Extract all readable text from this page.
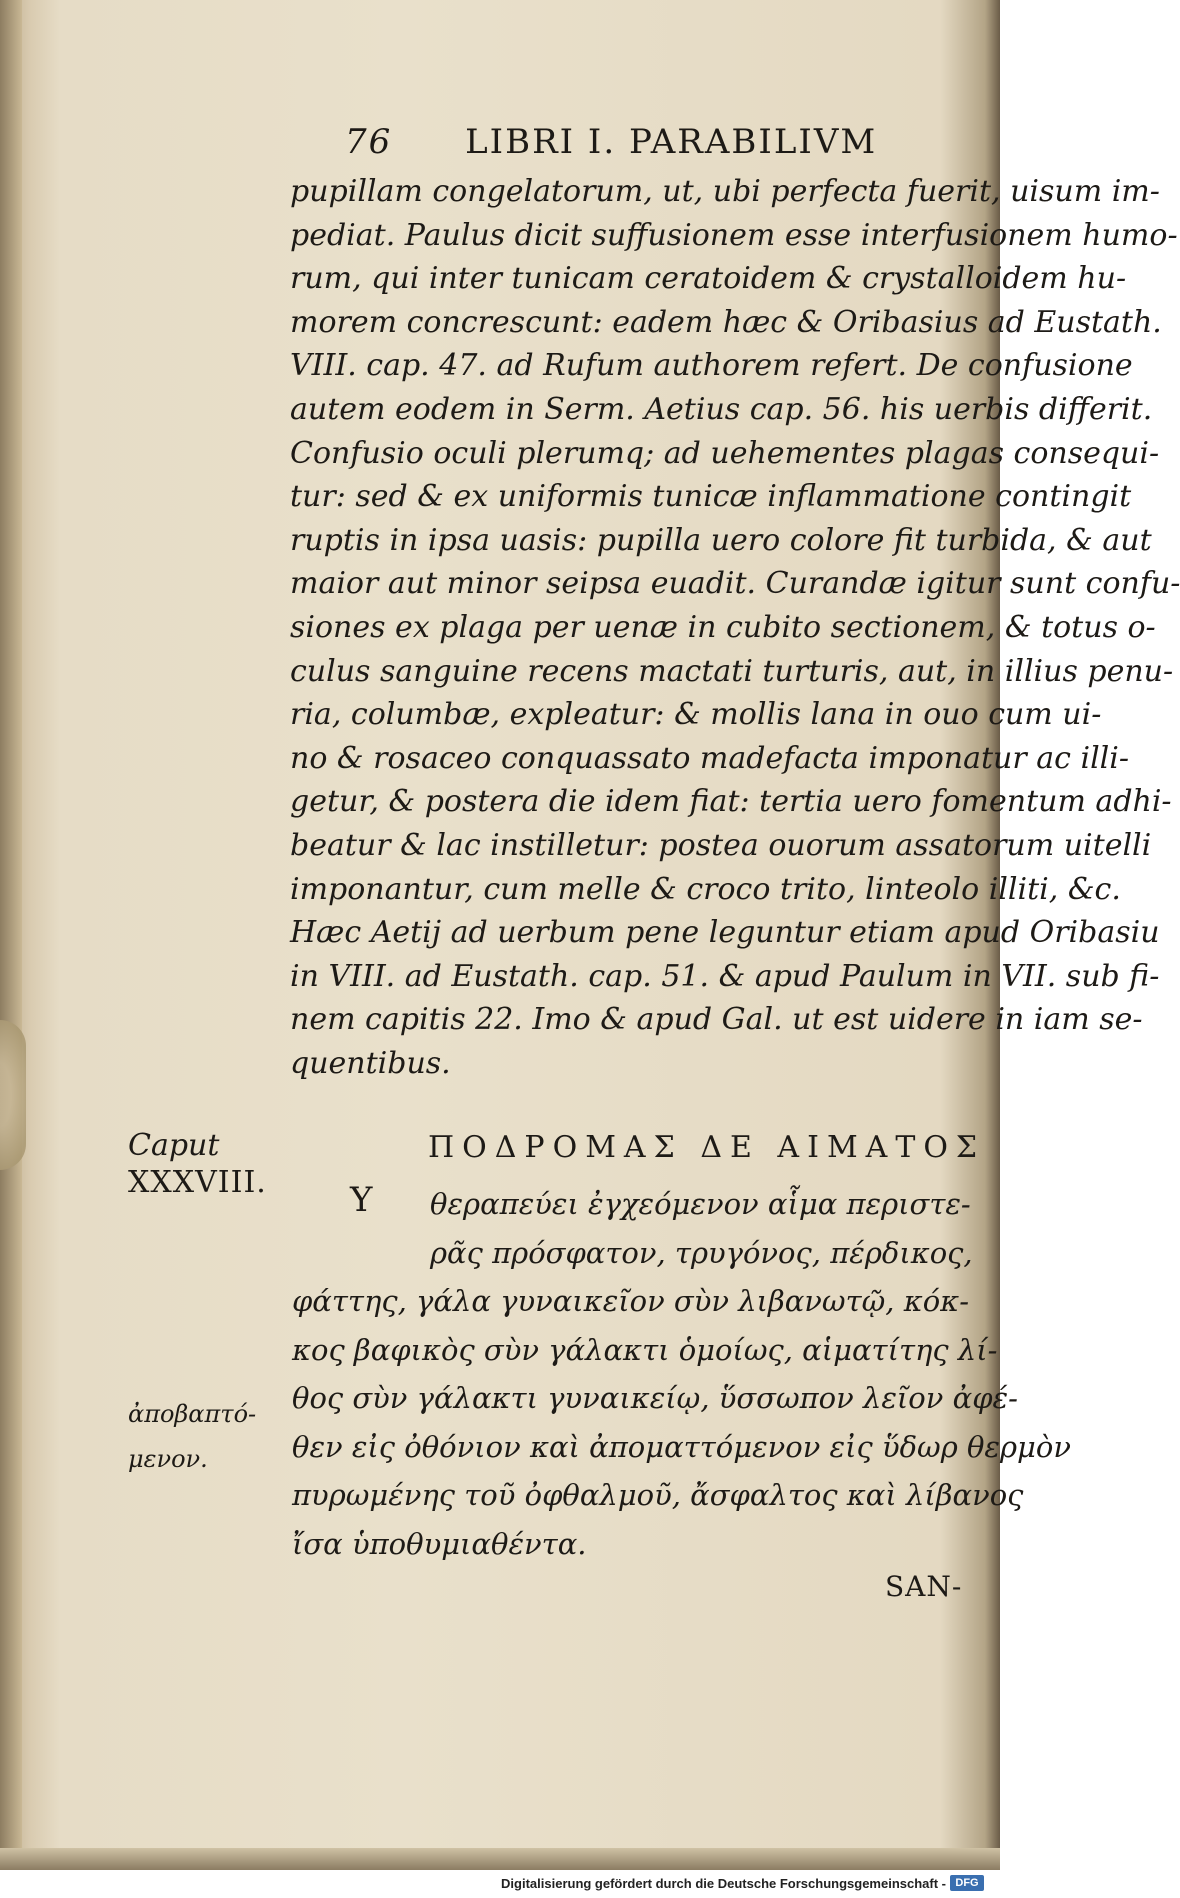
76 LIBRI I. PARABILIVM
pupillam congelatorum, ut, ubi perfecta fuerit, uisum im-
pediat. Paulus dicit suffusionem esse interfusionem humo-
rum, qui inter tunicam ceratoidem & crystalloidem hu-
morem concrescunt: eadem hæc & Oribasius ad Eustath.
VIII. cap. 47. ad Rufum authorem refert. De confusione
autem eodem in Serm. Aetius cap. 56. his uerbis differit.
Confusio oculi plerumq; ad uehementes plagas consequi-
tur: sed & ex uniformis tunicæ inflammatione contingit
ruptis in ipsa uasis: pupilla uero colore fit turbida, & aut
maior aut minor seipsa euadit. Curandæ igitur sunt confu-
siones ex plaga per uenæ in cubito sectionem, & totus o-
culus sanguine recens mactati turturis, aut, in illius penu-
ria, columbæ, expleatur: & mollis lana in ouo cum ui-
no & rosaceo conquassato madefacta imponatur ac illi-
getur, & postera die idem fiat: tertia uero fomentum adhi-
beatur & lac instilletur: postea ouorum assatorum uitelli
imponantur, cum melle & croco trito, linteolo illiti, &c.
Hæc Aetij ad uerbum pene leguntur etiam apud Oribasiu
in VIII. ad Eustath. cap. 51. & apud Paulum in VII. sub fi-
nem capitis 22. Imo & apud Gal. ut est uidere in iam se-
quentibus.
Caput
XXXVIII.
ΠΟΔΡΟΜΑΣ ΔΕ ΑΙΜΑΤΟΣ
Υ θεραπεύει ἐγχεόμενον αἷμα περιστε-
ρᾶς πρόσφατον, τρυγόνος, πέρδικος,
φάττης, γάλα γυναικεῖον σὺν λιβανωτῷ, κόκ-
κος βαφικὸς σὺν γάλακτι ὁμοίως, αἱματίτης λί-
θος σὺν γάλακτι γυναικείῳ, ὕσσωπον λεῖον ἀφέ-
θεν εἰς ὀθόνιον καὶ ἀποματτόμενον εἰς ὕδωρ θερμὸν
πυρωμένης τοῦ ὀφθαλμοῦ, ἄσφαλτος καὶ λίβανος
ἴσα ὑποθυμιαθέντα.
ἀποβαπτό-
μενον.
SAN-
Digitalisierung gefördert durch die Deutsche Forschungsgemeinschaft - DFG
